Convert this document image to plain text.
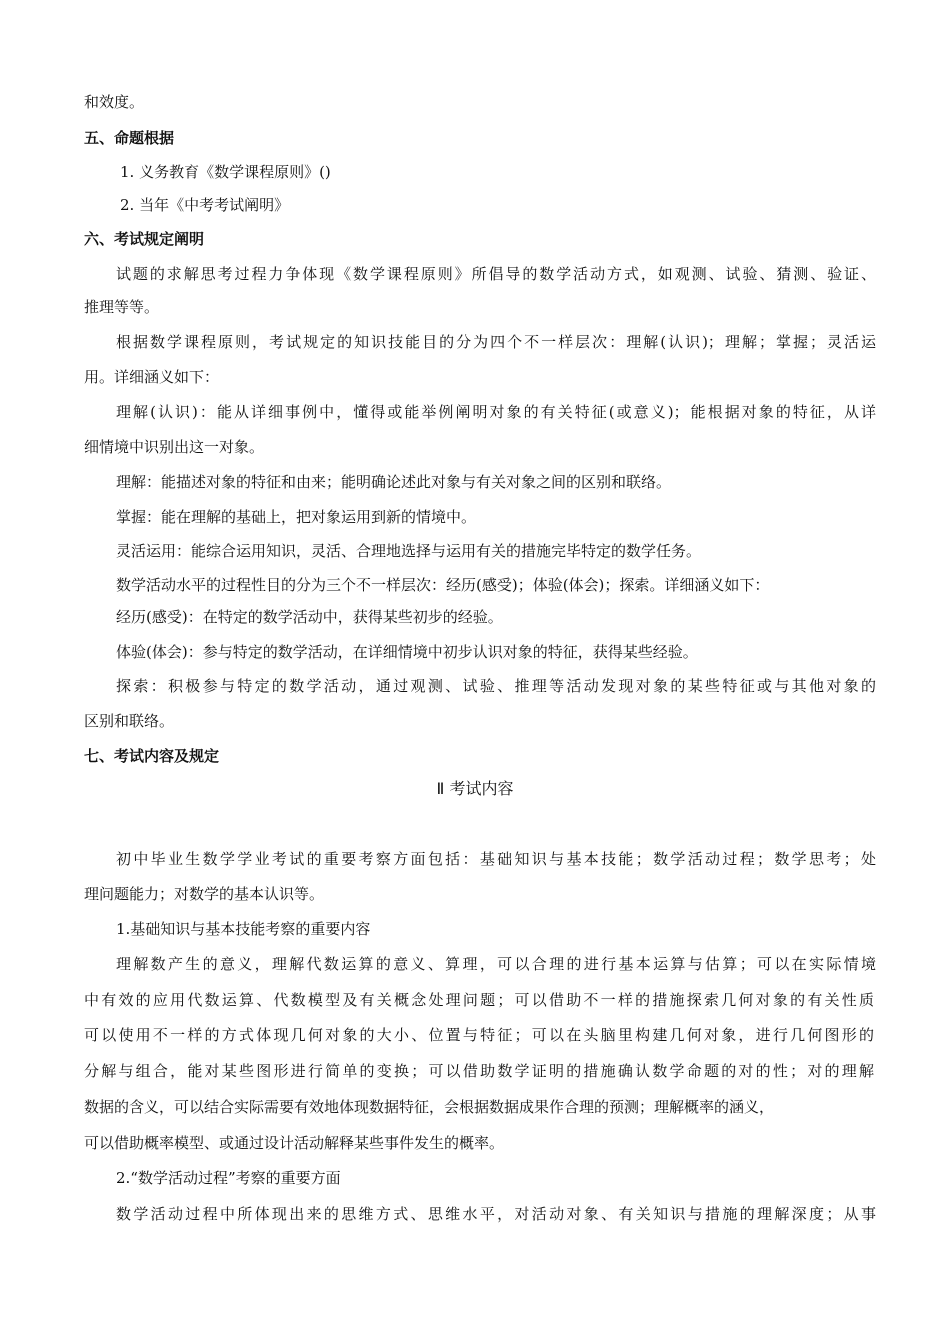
和效度。
五、命题根据
1. 义务教育《数学课程原则》()
2. 当年《中考考试阐明》
六、考试规定阐明
试题的求解思考过程力争体现《数学课程原则》所倡导的数学活动方式，如观测、试验、猜测、验证、
推理等等。
根据数学课程原则，考试规定的知识技能目的分为四个不一样层次：理解(认识)；理解；掌握；灵活运
用。详细涵义如下：
理解(认识)：能从详细事例中，懂得或能举例阐明对象的有关特征(或意义)；能根据对象的特征，从详
细情境中识别出这一对象。
理解：能描述对象的特征和由来；能明确论述此对象与有关对象之间的区别和联络。
掌握：能在理解的基础上，把对象运用到新的情境中。
灵活运用：能综合运用知识，灵活、合理地选择与运用有关的措施完毕特定的数学任务。
数学活动水平的过程性目的分为三个不一样层次：经历(感受)；体验(体会)；探索。详细涵义如下：
经历(感受)：在特定的数学活动中，获得某些初步的经验。
体验(体会)：参与特定的数学活动，在详细情境中初步认识对象的特征，获得某些经验。
探索：积极参与特定的数学活动，通过观测、试验、推理等活动发现对象的某些特征或与其他对象的
区别和联络。
七、考试内容及规定
Ⅱ 考试内容
初中毕业生数学学业考试的重要考察方面包括：基础知识与基本技能；数学活动过程；数学思考；处
理问题能力；对数学的基本认识等。
1.基础知识与基本技能考察的重要内容
理解数产生的意义，理解代数运算的意义、算理，可以合理的进行基本运算与估算；可以在实际情境
中有效的应用代数运算、代数模型及有关概念处理问题；可以借助不一样的措施探索几何对象的有关性质
可以使用不一样的方式体现几何对象的大小、位置与特征；可以在头脑里构建几何对象，进行几何图形的
分解与组合，能对某些图形进行简单的变换；可以借助数学证明的措施确认数学命题的对的性；对的理解
数据的含义，可以结合实际需要有效地体现数据特征，会根据数据成果作合理的预测；理解概率的涵义，
可以借助概率模型、或通过设计活动解释某些事件发生的概率。
2.“数学活动过程”考察的重要方面
数学活动过程中所体现出来的思维方式、思维水平，对活动对象、有关知识与措施的理解深度；从事
